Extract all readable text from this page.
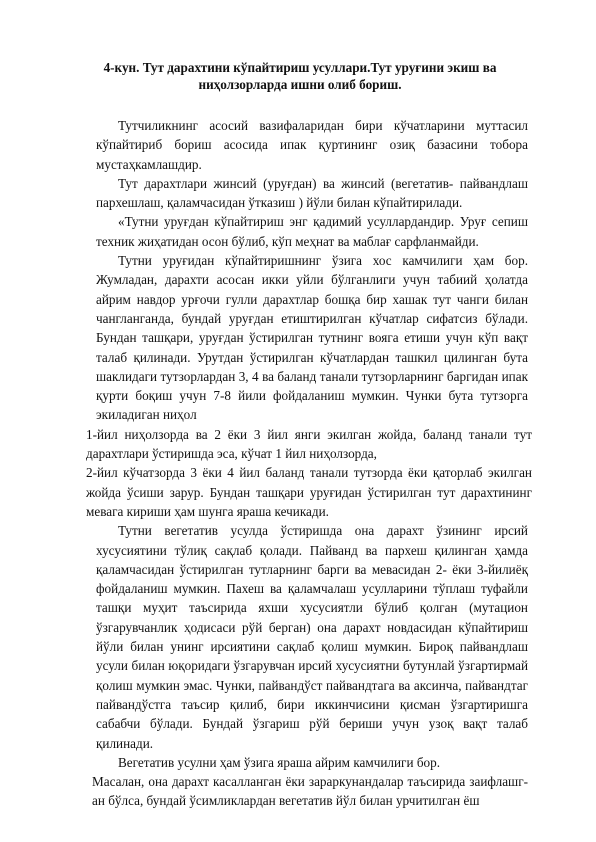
4-кун. Тут дарахтини кўпайтириш усуллари.Тут уруғини экиш ва
ниҳолзорларда ишни олиб бориш.

Тутчиликнинг асосий вазифаларидан бири кўчатларини муттасил кўпайтириб бориш асосида ипак қуртининг озиқ базасини тобора мустаҳкамлашдир.

Тут дарахтлари жинсий (уруғдан) ва жинсий (вегетатив- пайвандлаш пархешлаш, қаламчасидан ўтказиш ) йўли билан кўпайтирилади.

«Тутни уруғдан кўпайтириш энг қадимий усуллардандир. Уруғ сепиш техник жиҳатидан осон бўлиб, кўп меҳнат ва маблағ сарфланмайди.

Тутни уруғидан кўпайтиришнинг ўзига хос камчилиги ҳам бор. Жумладан, дарахти асосан икки уйли бўлганлиги учун табиий ҳолатда айрим навдор урғочи гулли дарахтлар бошқа бир хашак тут чанги билан чангланганда, бундай уруғдан етиштирилган кўчатлар сифатсиз бўлади. Бундан ташқари, уруғдан ўстирилган тутнинг вояга етиши учун кўп вақт талаб қилинади. Урутдан ўстирилган кўчатлардан ташкил цилинган бута шаклидаги тутзорлардан 3, 4 ва баланд танали тутзорларнинг баргидан ипак қурти боқиш учун 7-8 йили фойдаланиш мумкин. Чунки бута тутзорга экиладиган ниҳол

1-йил ниҳолзорда ва 2 ёки 3 йил янги экилган жойда, баланд танали тут дарахтлари ўстиришда эса, кўчат 1 йил ниҳолзорда,

2-йил кўчатзорда 3 ёки 4 йил баланд танали тутзорда ёки қаторлаб экилган жойда ўсиши зарур. Бундан ташқари уруғидан ўстирилган тут дарахтининг мевага кириши ҳам шунга яраша кечикади.

Тутни вегетатив усулда ўстиришда она дарахт ўзининг ирсий хусусиятини тўлиқ сақлаб қолади. Пайванд ва пархеш қилинган ҳамда қаламчасидан ўстирилган тутларнинг барги ва мевасидан 2- ёки 3-йилиёқ фойдаланиш мумкин. Пахеш ва қаламчалаш усулларини тўплаш туфайли ташқи муҳит таъсирида яхши хусусиятли бўлиб қолган (мутацион ўзгарувчанлик ҳодисаси рўй берган) она дарахт новдасидан кўпайтириш йўли билан унинг ирсиятини сақлаб қолиш мумкин. Бироқ пайвандлаш усули билан юқоридаги ўзгарувчан ирсий хусусиятни бутунлай ўзгартирмай қолиш мумкин эмас. Чунки, пайвандўст пайвандтага ва аксинча, пайвандтаг пайвандўстга таъсир қилиб, бири иккинчисини қисман ўзгартиришга сабабчи бўлади. Бундай ўзгариш рўй бериши учун узоқ вақт талаб қилинади.

Вегетатив усулни ҳам ўзига яраша айрим камчилиги бор.

Масалан, она дарахт касалланган ёки зараркунандалар таъсирида заифлашг-ан бўлса, бундай ўсимликлардан вегетатив йўл билан урчитилган ёш
